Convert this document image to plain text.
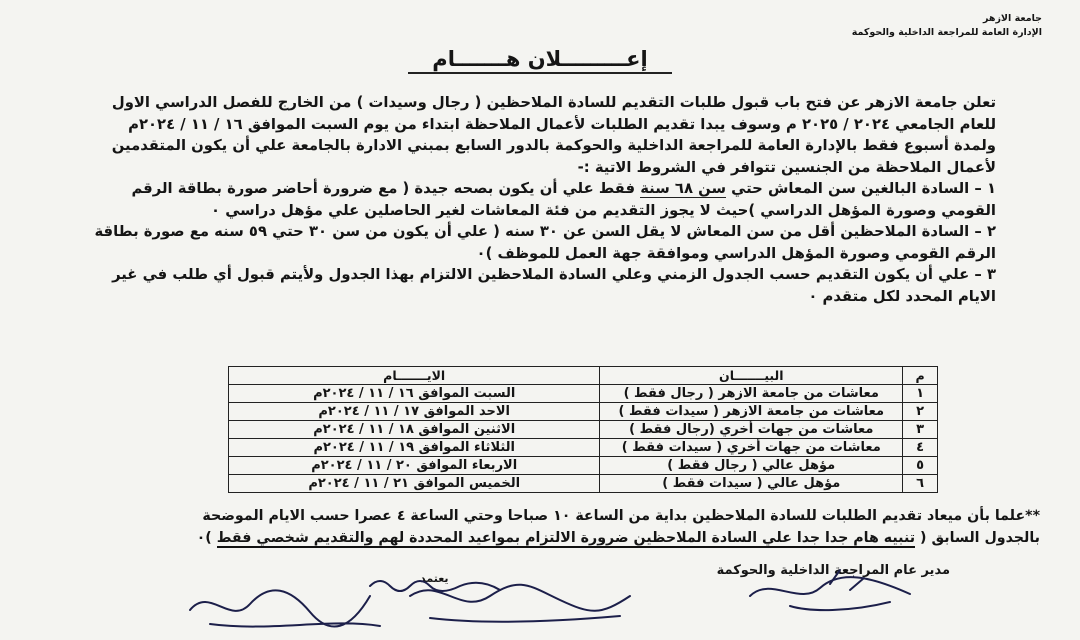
جامعة الازهر
الإدارة العامة للمراجعة الداخلية والحوكمة
إعـــــــــلان هـــــــام

تعلن جامعة الازهر عن فتح باب قبول طلبات التقديم للسادة الملاحظين ( رجال وسيدات ) من الخارج للفصل الدراسي الاول

للعام الجامعي ٢٠٢٤ / ٢٠٢٥ م وسوف يبدا تقديم الطلبات لأعمال الملاحظة ابتداء من يوم السبت الموافق ١٦ / ١١ / ٢٠٢٤م

ولمدة أسبوع فقط بالإدارة العامة للمراجعة الداخلية والحوكمة بالدور السابع بمبني الادارة بالجامعة علي أن يكون المتقدمين

لأعمال الملاحظة من الجنسين تتوافر في الشروط الاتية :-

١ – السادة البالغين سن المعاش حتي سن ٦٨ سنة فقط علي أن يكون بصحه جيدة ( مع ضرورة أحاضر صورة بطاقة الرقم

القومي وصورة المؤهل الدراسي )حيث لا يجوز التقديم من فئة المعاشات لغير الحاصلين علي مؤهل دراسي ٠

٢ – السادة الملاحظين أقل من سن المعاش لا يقل السن عن ٣٠ سنه ( علي أن يكون من سن ٣٠ حتي ٥٩ سنه مع صورة بطاقة

الرقم القومي وصورة المؤهل الدراسي وموافقة جهة العمل للموظف )٠

٣ – علي أن يكون التقديم حسب الجدول الزمني وعلي السادة الملاحظين الالتزام بهذا الجدول ولأيتم قبول أي طلب في غير

الايام المحدد لكل متقدم ٠

م	البيـــــــان	الايـــــــام
١	معاشات من جامعة الازهر ( رجال فقط )	السبت الموافق ١٦ / ١١ / ٢٠٢٤م
٢	معاشات من جامعة الازهر ( سيدات فقط )	الاحد الموافق ١٧ / ١١ / ٢٠٢٤م
٣	معاشات من جهات أخري (رجال فقط )	الاثنين الموافق ١٨ / ١١ / ٢٠٢٤م
٤	معاشات من جهات أخري ( سيدات فقط )	الثلاثاء الموافق ١٩ / ١١ / ٢٠٢٤م
٥	مؤهل عالي ( رجال فقط )	الاربعاء الموافق ٢٠ / ١١ / ٢٠٢٤م
٦	مؤهل عالي ( سيدات فقط )	الخميس الموافق ٢١ / ١١ / ٢٠٢٤م

**علما بأن ميعاد تقديم الطلبات للسادة الملاحظين بداية من الساعة ١٠ صباحا وحتي الساعة ٤ عصرا حسب الايام الموضحة

بالجدول السابق ( تنبيه هام جدا جدا علي السادة الملاحظين ضرورة الالتزام بمواعيد المحددة لهم والتقديم شخصي فقط )٠

مدير عام المراجعة الداخلية والحوكمة
يعتمد
